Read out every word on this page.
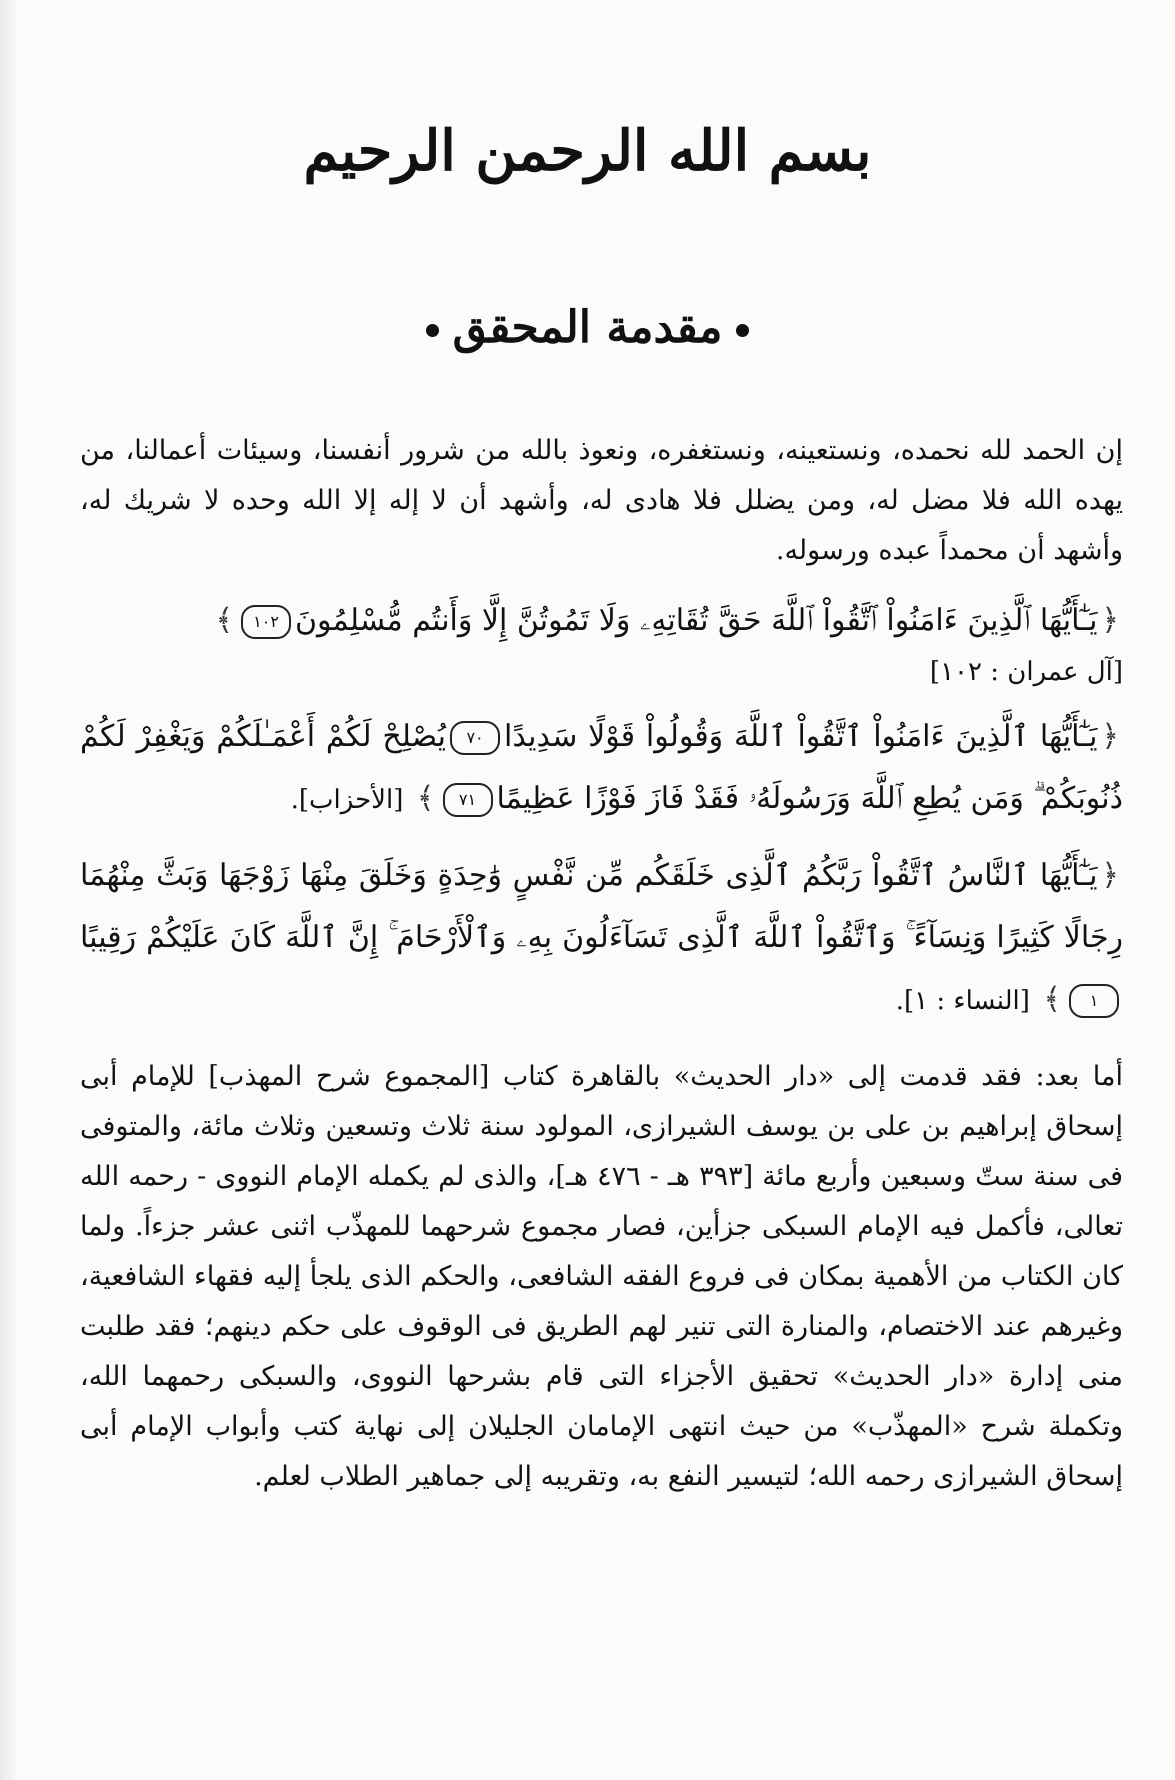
بسم الله الرحمن الرحيم
مقدمة المحقق

إن الحمد لله نحمده، ونستعينه، ونستغفره، ونعوذ بالله من شرور أنفسنا، وسيئات أعمالنا، من يهده الله فلا مضل له، ومن يضلل فلا هادى له، وأشهد أن لا إله إلا الله وحده لا شريك له، وأشهد أن محمداً عبده ورسوله.

﴿يَـٰٓأَيُّهَا ٱلَّذِينَ ءَامَنُواْ ٱتَّقُواْ ٱللَّهَ حَقَّ تُقَاتِهِۦ وَلَا تَمُوتُنَّ إِلَّا وَأَنتُم مُّسْلِمُونَ١٠٢﴾

[آل عمران : ١٠٢]

﴿يَـٰٓأَيُّهَا ٱلَّذِينَ ءَامَنُواْ ٱتَّقُواْ ٱللَّهَ وَقُولُواْ قَوْلًا سَدِيدًا٧٠يُصْلِحْ لَكُمْ أَعْمَـٰلَكُمْ وَيَغْفِرْ لَكُمْ ذُنُوبَكُمْ ۗ وَمَن يُطِعِ ٱللَّهَ وَرَسُولَهُۥ فَقَدْ فَازَ فَوْزًا عَظِيمًا٧١﴾ [الأحزاب].

﴿يَـٰٓأَيُّهَا ٱلنَّاسُ ٱتَّقُواْ رَبَّكُمُ ٱلَّذِى خَلَقَكُم مِّن نَّفْسٍ وَٰحِدَةٍ وَخَلَقَ مِنْهَا زَوْجَهَا وَبَثَّ مِنْهُمَا رِجَالًا كَثِيرًا وَنِسَآءً ۚ وَٱتَّقُواْ ٱللَّهَ ٱلَّذِى تَسَآءَلُونَ بِهِۦ وَٱلْأَرْحَامَ ۚ إِنَّ ٱللَّهَ كَانَ عَلَيْكُمْ رَقِيبًا١﴾ [النساء : ١].

أما بعد: فقد قدمت إلى «دار الحديث» بالقاهرة كتاب [المجموع شرح المهذب] للإمام أبى إسحاق إبراهيم بن على بن يوسف الشيرازى، المولود سنة ثلاث وتسعين وثلاث مائة، والمتوفى فى سنة ستّ وسبعين وأربع مائة [٣٩٣ هـ - ٤٧٦ هـ]، والذى لم يكمله الإمام النووى - رحمه الله تعالى، فأكمل فيه الإمام السبكى جزأين، فصار مجموع شرحهما للمهذّب اثنى عشر جزءاً. ولما كان الكتاب من الأهمية بمكان فى فروع الفقه الشافعى، والحكم الذى يلجأ إليه فقهاء الشافعية، وغيرهم عند الاختصام، والمنارة التى تنير لهم الطريق فى الوقوف على حكم دينهم؛ فقد طلبت منى إدارة «دار الحديث» تحقيق الأجزاء التى قام بشرحها النووى، والسبكى رحمهما الله، وتكملة شرح «المهذّب» من حيث انتهى الإمامان الجليلان إلى نهاية كتب وأبواب الإمام أبى إسحاق الشيرازى رحمه الله؛ لتيسير النفع به، وتقريبه إلى جماهير الطلاب لعلم.
